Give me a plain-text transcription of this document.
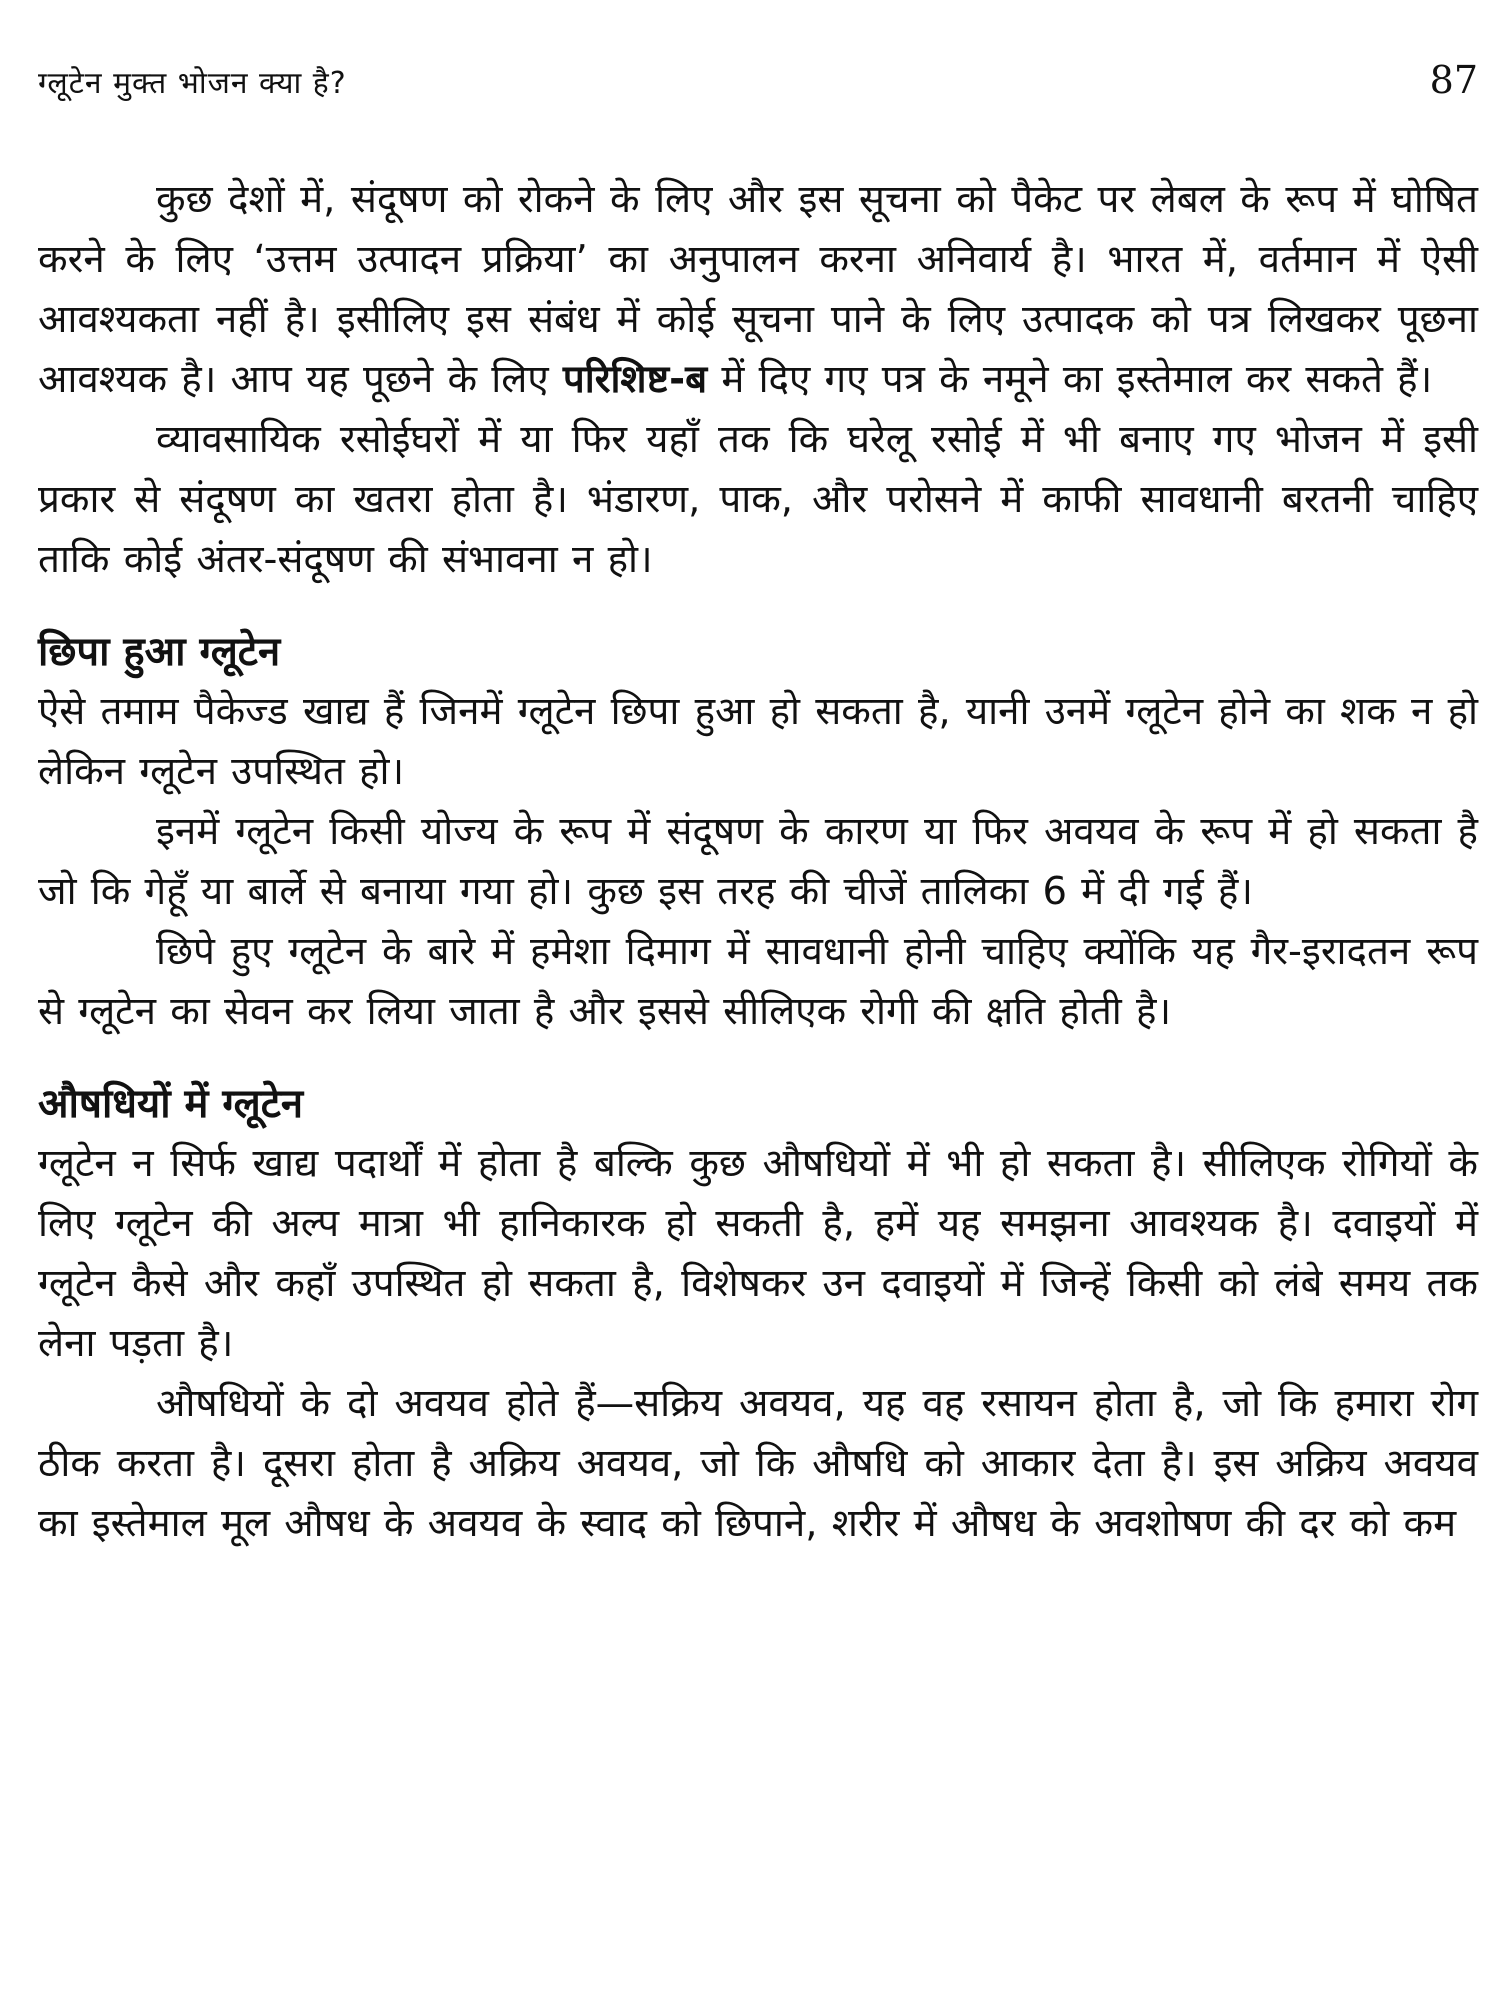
ग्लूटेन मुक्त भोजन क्या है?	87

कुछ देशों में, संदूषण को रोकने के लिए और इस सूचना को पैकेट पर लेबल के रूप में घोषित करने के लिए ‘उत्तम उत्पादन प्रक्रिया’ का अनुपालन करना अनिवार्य है। भारत में, वर्तमान में ऐसी आवश्यकता नहीं है। इसीलिए इस संबंध में कोई सूचना पाने के लिए उत्पादक को पत्र लिखकर पूछना आवश्यक है। आप यह पूछने के लिए परिशिष्ट-ब में दिए गए पत्र के नमूने का इस्तेमाल कर सकते हैं।

व्यावसायिक रसोईघरों में या फिर यहाँ तक कि घरेलू रसोई में भी बनाए गए भोजन में इसी प्रकार से संदूषण का खतरा होता है। भंडारण, पाक, और परोसने में काफी सावधानी बरतनी चाहिए ताकि कोई अंतर-संदूषण की संभावना न हो।

छिपा हुआ ग्लूटेन

ऐसे तमाम पैकेज्ड खाद्य हैं जिनमें ग्लूटेन छिपा हुआ हो सकता है, यानी उनमें ग्लूटेन होने का शक न हो लेकिन ग्लूटेन उपस्थित हो।

इनमें ग्लूटेन किसी योज्य के रूप में संदूषण के कारण या फिर अवयव के रूप में हो सकता है जो कि गेहूँ या बार्ले से बनाया गया हो। कुछ इस तरह की चीजें तालिका 6 में दी गई हैं।

छिपे हुए ग्लूटेन के बारे में हमेशा दिमाग में सावधानी होनी चाहिए क्योंकि यह गैर-इरादतन रूप से ग्लूटेन का सेवन कर लिया जाता है और इससे सीलिएक रोगी की क्षति होती है।

औषधियों में ग्लूटेन

ग्लूटेन न सिर्फ खाद्य पदार्थों में होता है बल्कि कुछ औषधियों में भी हो सकता है। सीलिएक रोगियों के लिए ग्लूटेन की अल्प मात्रा भी हानिकारक हो सकती है, हमें यह समझना आवश्यक है। दवाइयों में ग्लूटेन कैसे और कहाँ उपस्थित हो सकता है, विशेषकर उन दवाइयों में जिन्हें किसी को लंबे समय तक लेना पड़ता है।

औषधियों के दो अवयव होते हैं—सक्रिय अवयव, यह वह रसायन होता है, जो कि हमारा रोग ठीक करता है। दूसरा होता है अक्रिय अवयव, जो कि औषधि को आकार देता है। इस अक्रिय अवयव का इस्तेमाल मूल औषध के अवयव के स्वाद को छिपाने, शरीर में औषध के अवशोषण की दर को कम
